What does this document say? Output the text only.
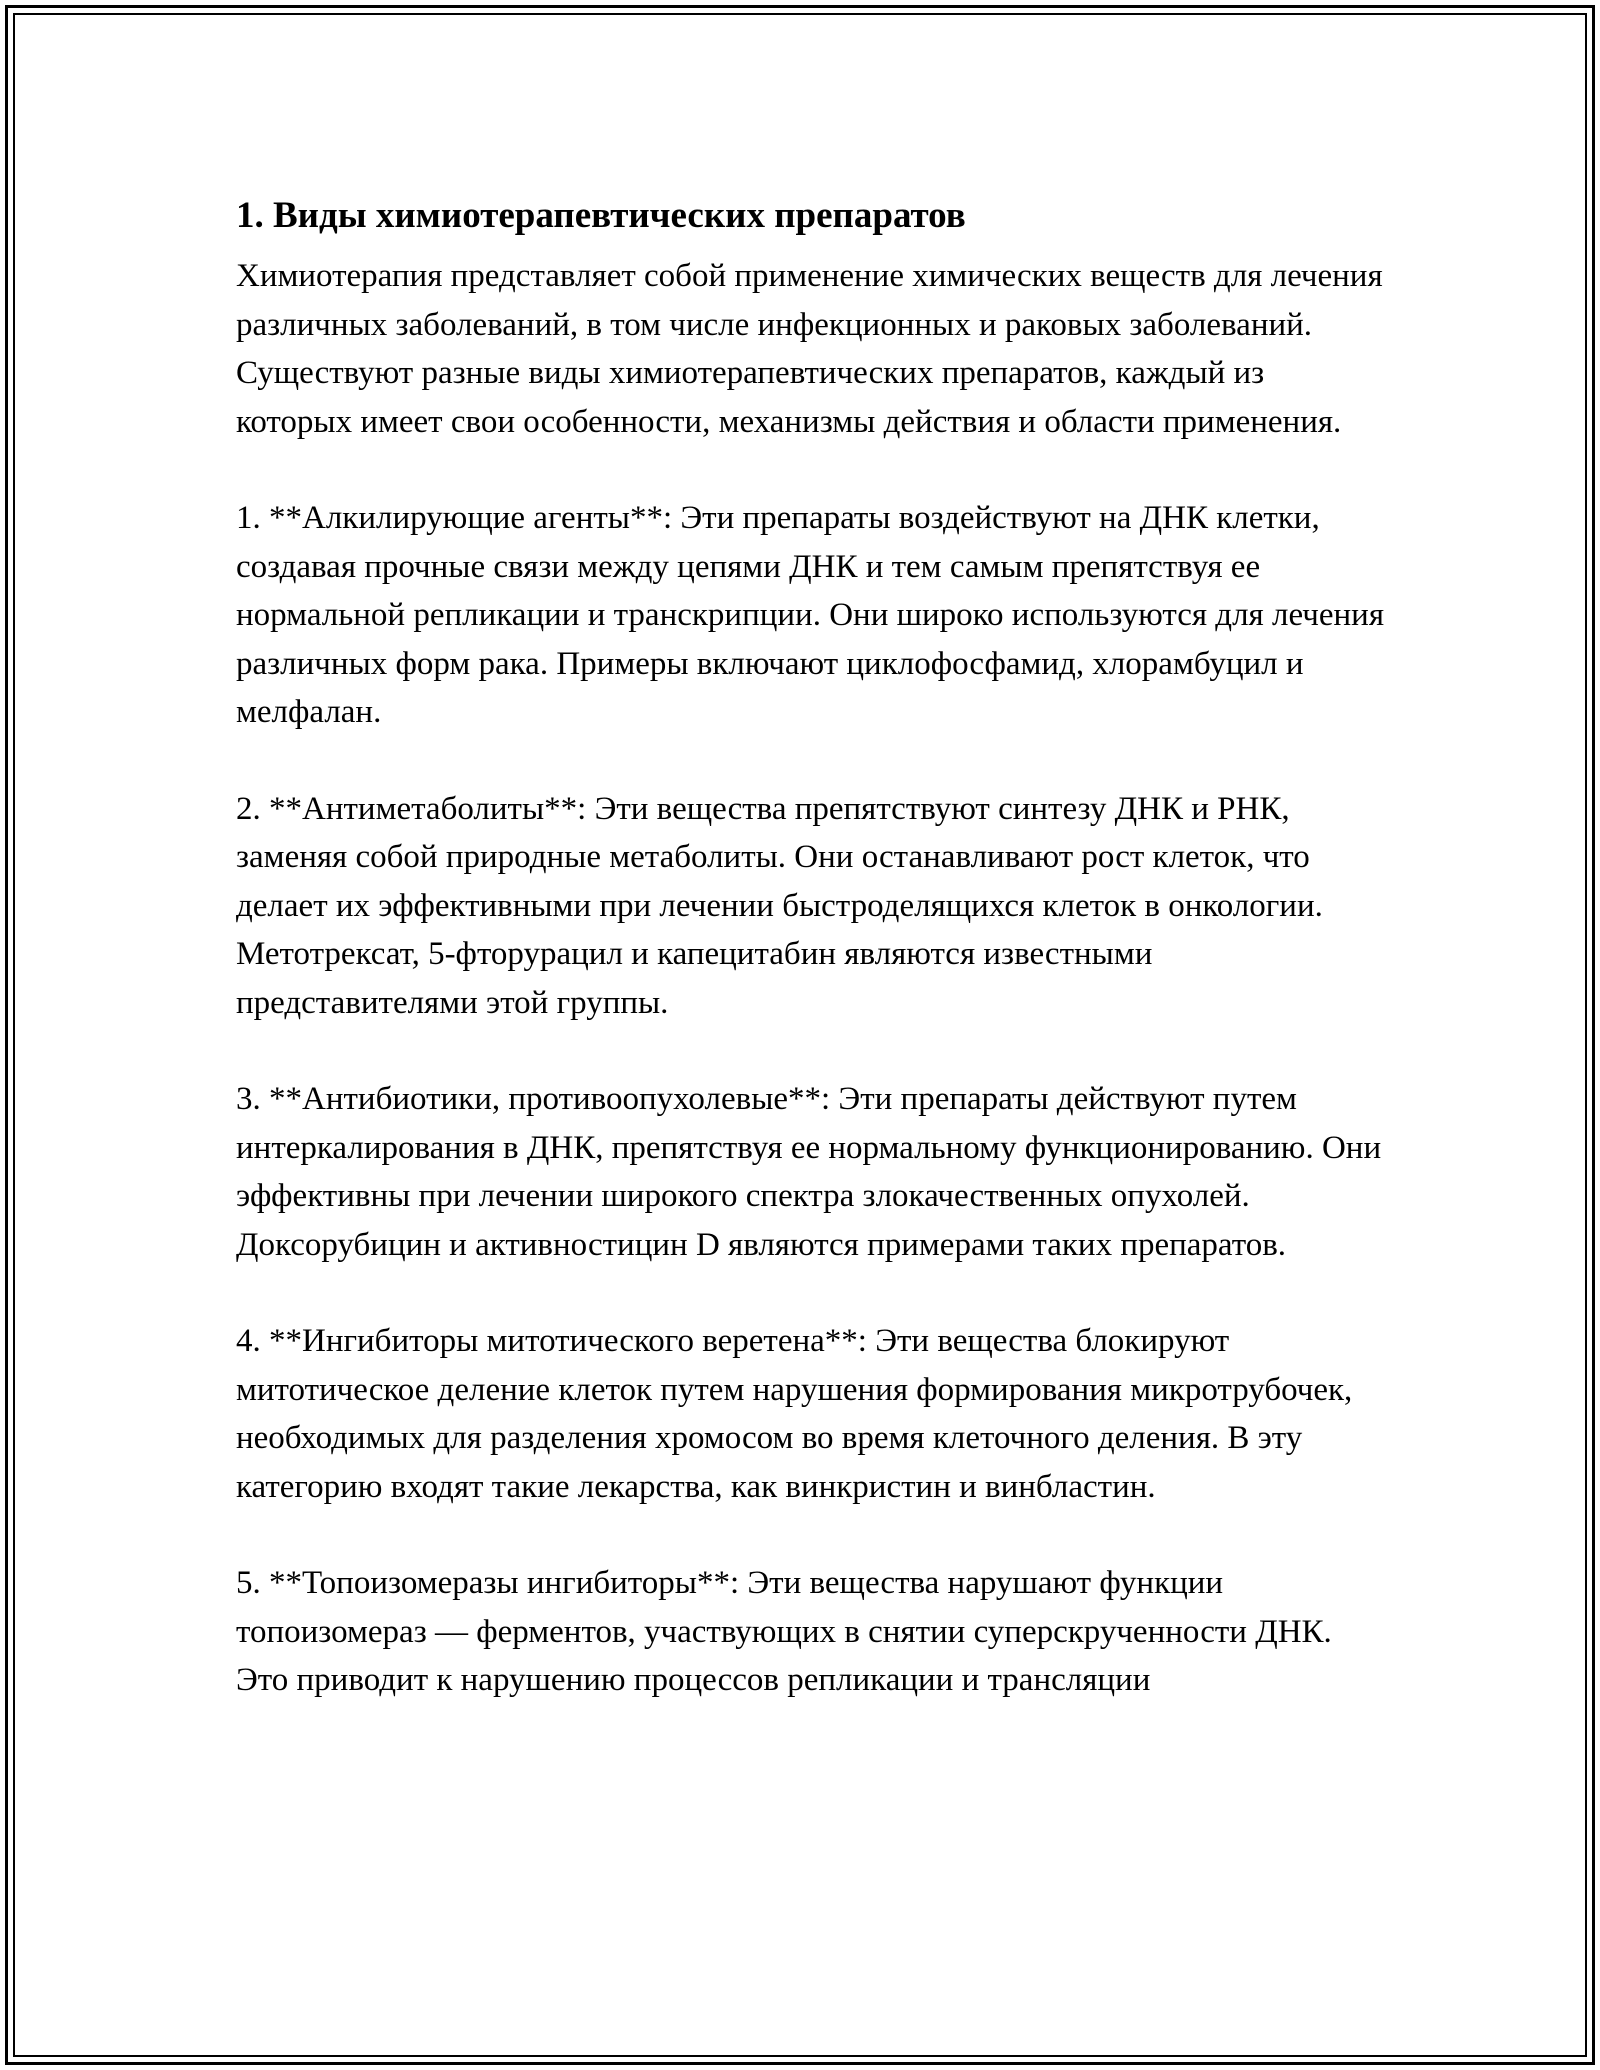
1. Виды химиотерапевтических препаратов

Химиотерапия представляет собой применение химических веществ для лечения различных заболеваний, в том числе инфекционных и раковых заболеваний. Существуют разные виды химиотерапевтических препаратов, каждый из которых имеет свои особенности, механизмы действия и области применения.

1. **Алкилирующие агенты**: Эти препараты воздействуют на ДНК клетки, создавая прочные связи между цепями ДНК и тем самым препятствуя ее нормальной репликации и транскрипции. Они широко используются для лечения различных форм рака. Примеры включают циклофосфамид, хлорамбуцил и мелфалан.

2. **Антиметаболиты**: Эти вещества препятствуют синтезу ДНК и РНК, заменяя собой природные метаболиты. Они останавливают рост клеток, что делает их эффективными при лечении быстроделящихся клеток в онкологии. Метотрексат, 5-фторурацил и капецитабин являются известными представителями этой группы.

3. **Антибиотики, противоопухолевые**: Эти препараты действуют путем интеркалирования в ДНК, препятствуя ее нормальному функционированию. Они эффективны при лечении широкого спектра злокачественных опухолей. Доксорубицин и активностицин D являются примерами таких препаратов.

4. **Ингибиторы митотического веретена**: Эти вещества блокируют митотическое деление клеток путем нарушения формирования микротрубочек, необходимых для разделения хромосом во время клеточного деления. В эту категорию входят такие лекарства, как винкристин и винбластин.

5. **Топоизомеразы ингибиторы**: Эти вещества нарушают функции топоизомераз — ферментов, участвующих в снятии суперскрученности ДНК. Это приводит к нарушению процессов репликации и трансляции
